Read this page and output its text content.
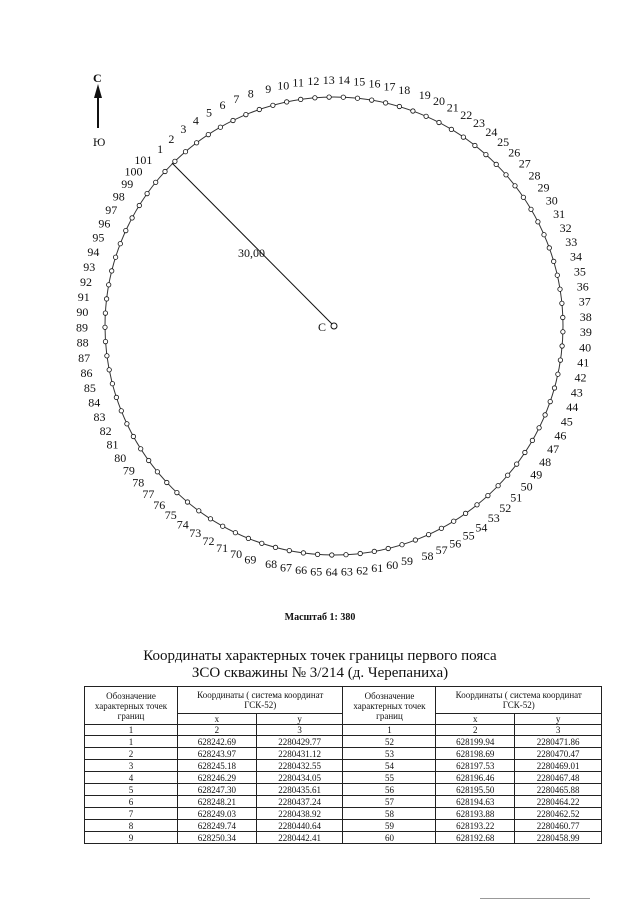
С
Ю
С
30,00
1
2
3
4
5
6 7 8 9 10 11 12 13 14 15 16 17 18 19 20 21
22
23
24
25
26
27
28
29
30
31
32
33
34
35
36
37
38
39
40
41
42
43
44
45
46
47
48
49
50
51
52
53
54
55
56
57
58
59
60
61
62
63
64
65
66
67
68
69
70
71
72
73
74
75
76
77
78
79
80
81
82
83
84
85
86
87
88
89
90
91
92
93
94
95
96
97
98
99
100
101
Масштаб 1: 380
Координаты характерных точек границы первого пояса
ЗСО скважины № 3/214 (д. Черепаниха)
Обозначение характерных точек границ	Координаты ( система координат ГСК-52)		Обозначение характерных точек границ	Координаты ( система координат ГСК-52)	
	x	y		x	y
1	2	3	1	2	3
1	628242.69	2280429.77	52	628199.94	2280471.86
2	628243.97	2280431.12	53	628198.69	2280470.47
3	628245.18	2280432.55	54	628197.53	2280469.01
4	628246.29	2280434.05	55	628196.46	2280467.48
5	628247.30	2280435.61	56	628195.50	2280465.88
6	628248.21	2280437.24	57	628194.63	2280464.22
7	628249.03	2280438.92	58	628193.88	2280462.52
8	628249.74	2280440.64	59	628193.22	2280460.77
9	628250.34	2280442.41	60	628192.68	2280458.99
